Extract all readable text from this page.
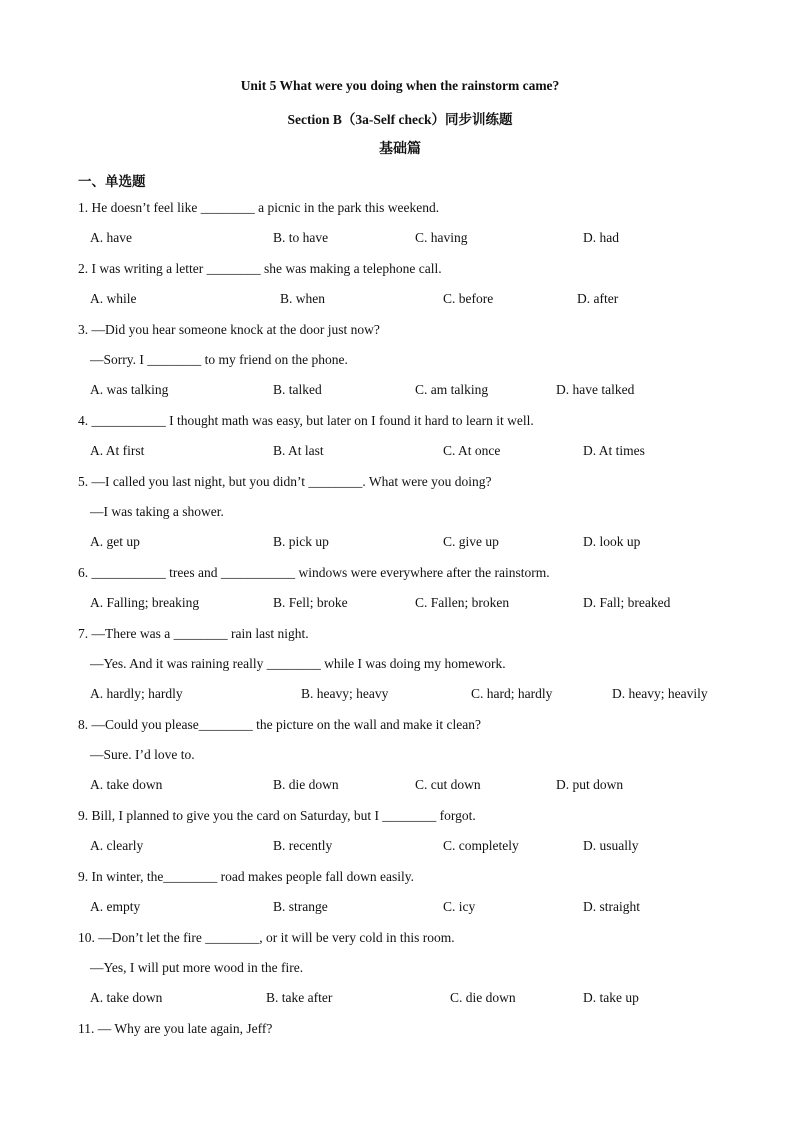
Unit 5 What were you doing when the rainstorm came?
Section B（3a-Self check）同步训练题
基础篇
一、单选题
1. He doesn’t feel like ________ a picnic in the park this weekend.
A. have	B. to have	C. having	D. had
2. I was writing a letter ________ she was making a telephone call.
A. while	B. when	C. before	D. after
3. —Did you hear someone knock at the door just now?
—Sorry. I ________ to my friend on the phone.
A. was talking	B. talked	C. am talking	D. have talked
4. ___________ I thought math was easy, but later on I found it hard to learn it well.
A. At first	B. At last	C. At once	D. At times
5. —I called you last night, but you didn’t ________. What were you doing?
—I was taking a shower.
A. get up	B. pick up	C. give up	D. look up
6. ___________ trees and ___________ windows were everywhere after the rainstorm.
A. Falling; breaking	B. Fell; broke	C. Fallen; broken	D. Fall; breaked
7. —There was a ________ rain last night.
—Yes. And it was raining really ________ while I was doing my homework.
A. hardly; hardly	B. heavy; heavy	C. hard; hardly	D. heavy; heavily
8. —Could you please________ the picture on the wall and make it clean?
—Sure. I’d love to.
A. take down	B. die down	C. cut down	D. put down
9. Bill, I planned to give you the card on Saturday, but I ________ forgot.
A. clearly	B. recently	C. completely	D. usually
9. In winter, the________ road makes people fall down easily.
A. empty	B. strange	C. icy	D. straight
10. —Don’t let the fire ________, or it will be very cold in this room.
—Yes, I will put more wood in the fire.
A. take down	B. take after	C. die down	D. take up
11. — Why are you late again, Jeff?
